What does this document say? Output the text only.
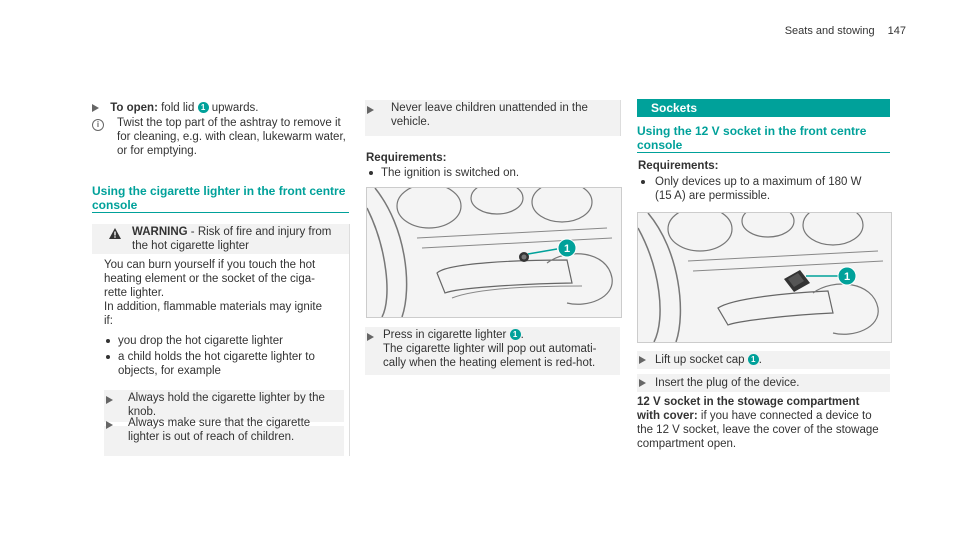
Seats and stowing 147
To open: fold lid 1 upwards.
i	Twist the top part of the ashtray to remove it
for cleaning, e.g. with clean, lukewarm water,
or for emptying.
Using the cigarette lighter in the front centre
console
WARNING - Risk of fire and injury from
the hot cigarette lighter
You can burn yourself if you touch the hot
heating element or the socket of the ciga-
rette lighter.
In addition, flammable materials may ignite
if:
you drop the hot cigarette lighter
a child holds the hot cigarette lighter to
objects, for example
Always hold the cigarette lighter by the
knob.
Always make sure that the cigarette
lighter is out of reach of children.
Never leave children unattended in the
vehicle.
Requirements:
The ignition is switched on.
1
Press in cigarette lighter 1 .
The cigarette lighter will pop out automati-
cally when the heating element is red-hot.
Sockets
Using the 12 V socket in the front centre
console
Requirements:
Only devices up to a maximum of 180 W
(15 A) are permissible.
1
Lift up socket cap 1 .
Insert the plug of the device.
12 V socket in the stowage compartment
with cover: if you have connected a device to
the 12 V socket, leave the cover of the stowage
compartment open.
